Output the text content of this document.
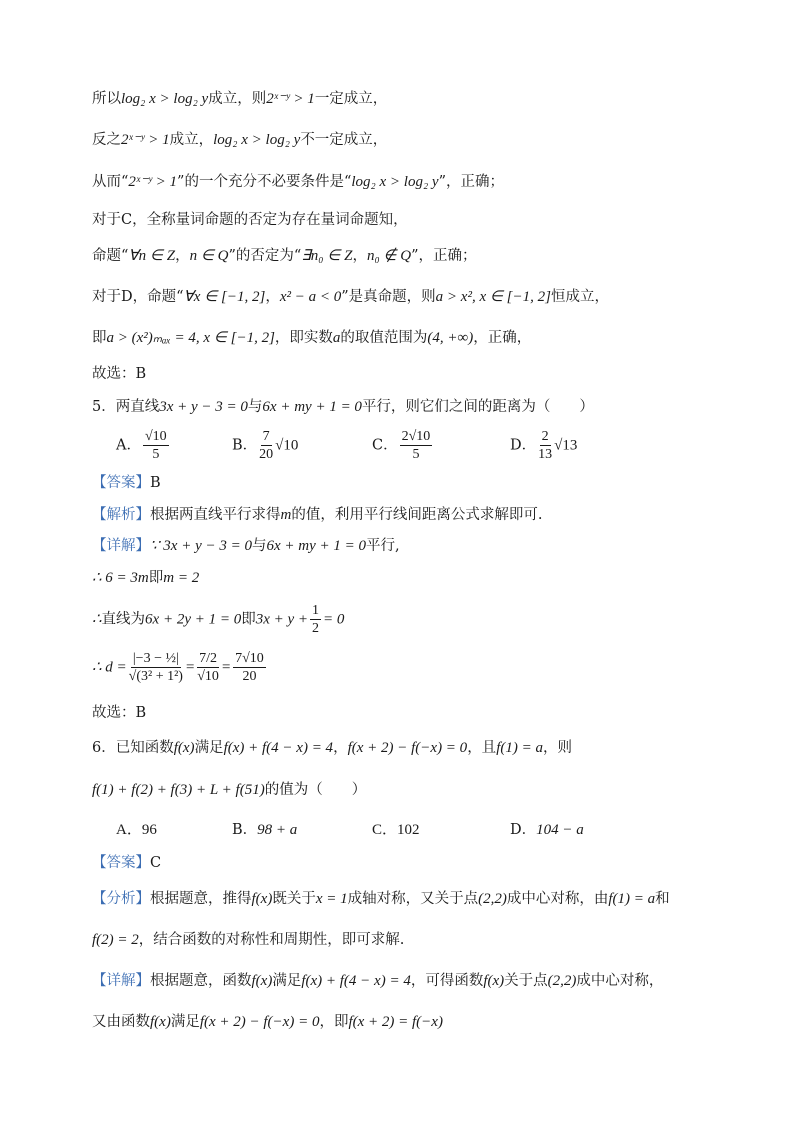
所以log₂ x > log₂ y成立，则2ˣ⁻ʸ > 1一定成立，
反之2ˣ⁻ʸ > 1成立，log₂ x > log₂ y不一定成立，
从而“2ˣ⁻ʸ > 1”的一个充分不必要条件是“log₂ x > log₂ y”，正确；
对于C，全称量词命题的否定为存在量词命题知，
命题“∀n ∈ Z，n ∈ Q”的否定为“∃n₀ ∈ Z，n₀ ∉ Q”，正确；
对于D，命题“∀x ∈ [−1, 2]，x² − a < 0”是真命题，则a > x², x ∈ [−1, 2]恒成立，
即a > (x²)ₘₐₓ = 4, x ∈ [−1, 2]，即实数a的取值范围为(4, +∞)，正确，
故选：B
5．两直线3x + y − 3 = 0与6x + my + 1 = 0平行，则它们之间的距离为（　　）
A． $\frac{√10}{5}$	B． $\frac{7}{20} √10$	C． $\frac{2√10}{5}$	D． $\frac{2}{13} √13$
【答案】B
【解析】根据两直线平行求得m的值，利用平行线间距离公式求解即可.
【详解】∵ 3x + y − 3 = 0与6x + my + 1 = 0平行,
∴ 6 = 3m即m = 2
∴直线为6x + 2y + 1 = 0即$3x + y + \frac{1}{2} = 0$
∴ $d = \frac{\text{|−3 − ½|}}{\text{√(3² + 1²)}} = \frac{7/2}{√10} = \frac{7√10}{20}$
故选：B
6．已知函数f(x)满足f(x) + f(4 − x) = 4，f(x + 2) − f(−x) = 0，且f(1) = a，则
f(1) + f(2) + f(3) + L + f(51)的值为（　　）
A．96	B．98 + a	C．102	D．104 − a
【答案】C
【分析】根据题意，推得f(x)既关于x = 1成轴对称，又关于点(2,2)成中心对称，由f(1) = a和
f(2) = 2，结合函数的对称性和周期性，即可求解.
【详解】根据题意，函数f(x)满足f(x) + f(4 − x) = 4，可得函数f(x)关于点(2,2)成中心对称，
又由函数f(x)满足f(x + 2) − f(−x) = 0，即f(x + 2) = f(−x)
